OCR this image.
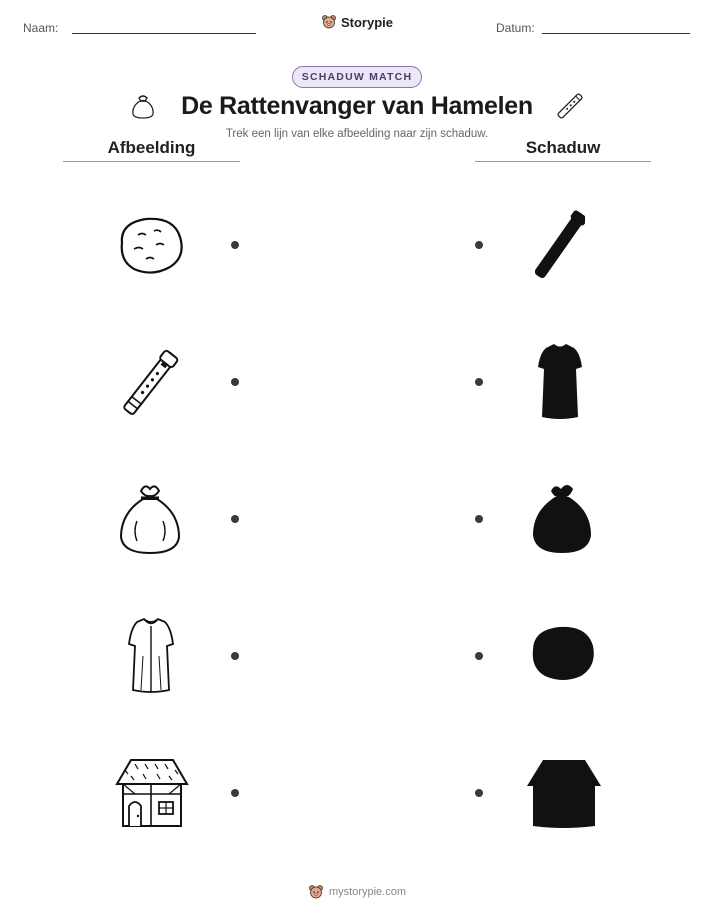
Naam:	Storypie	Datum:
SCHADUW MATCH
De Rattenvanger van Hamelen
Trek een lijn van elke afbeelding naar zijn schaduw.
Afbeelding	Schaduw
mystorypie.com
